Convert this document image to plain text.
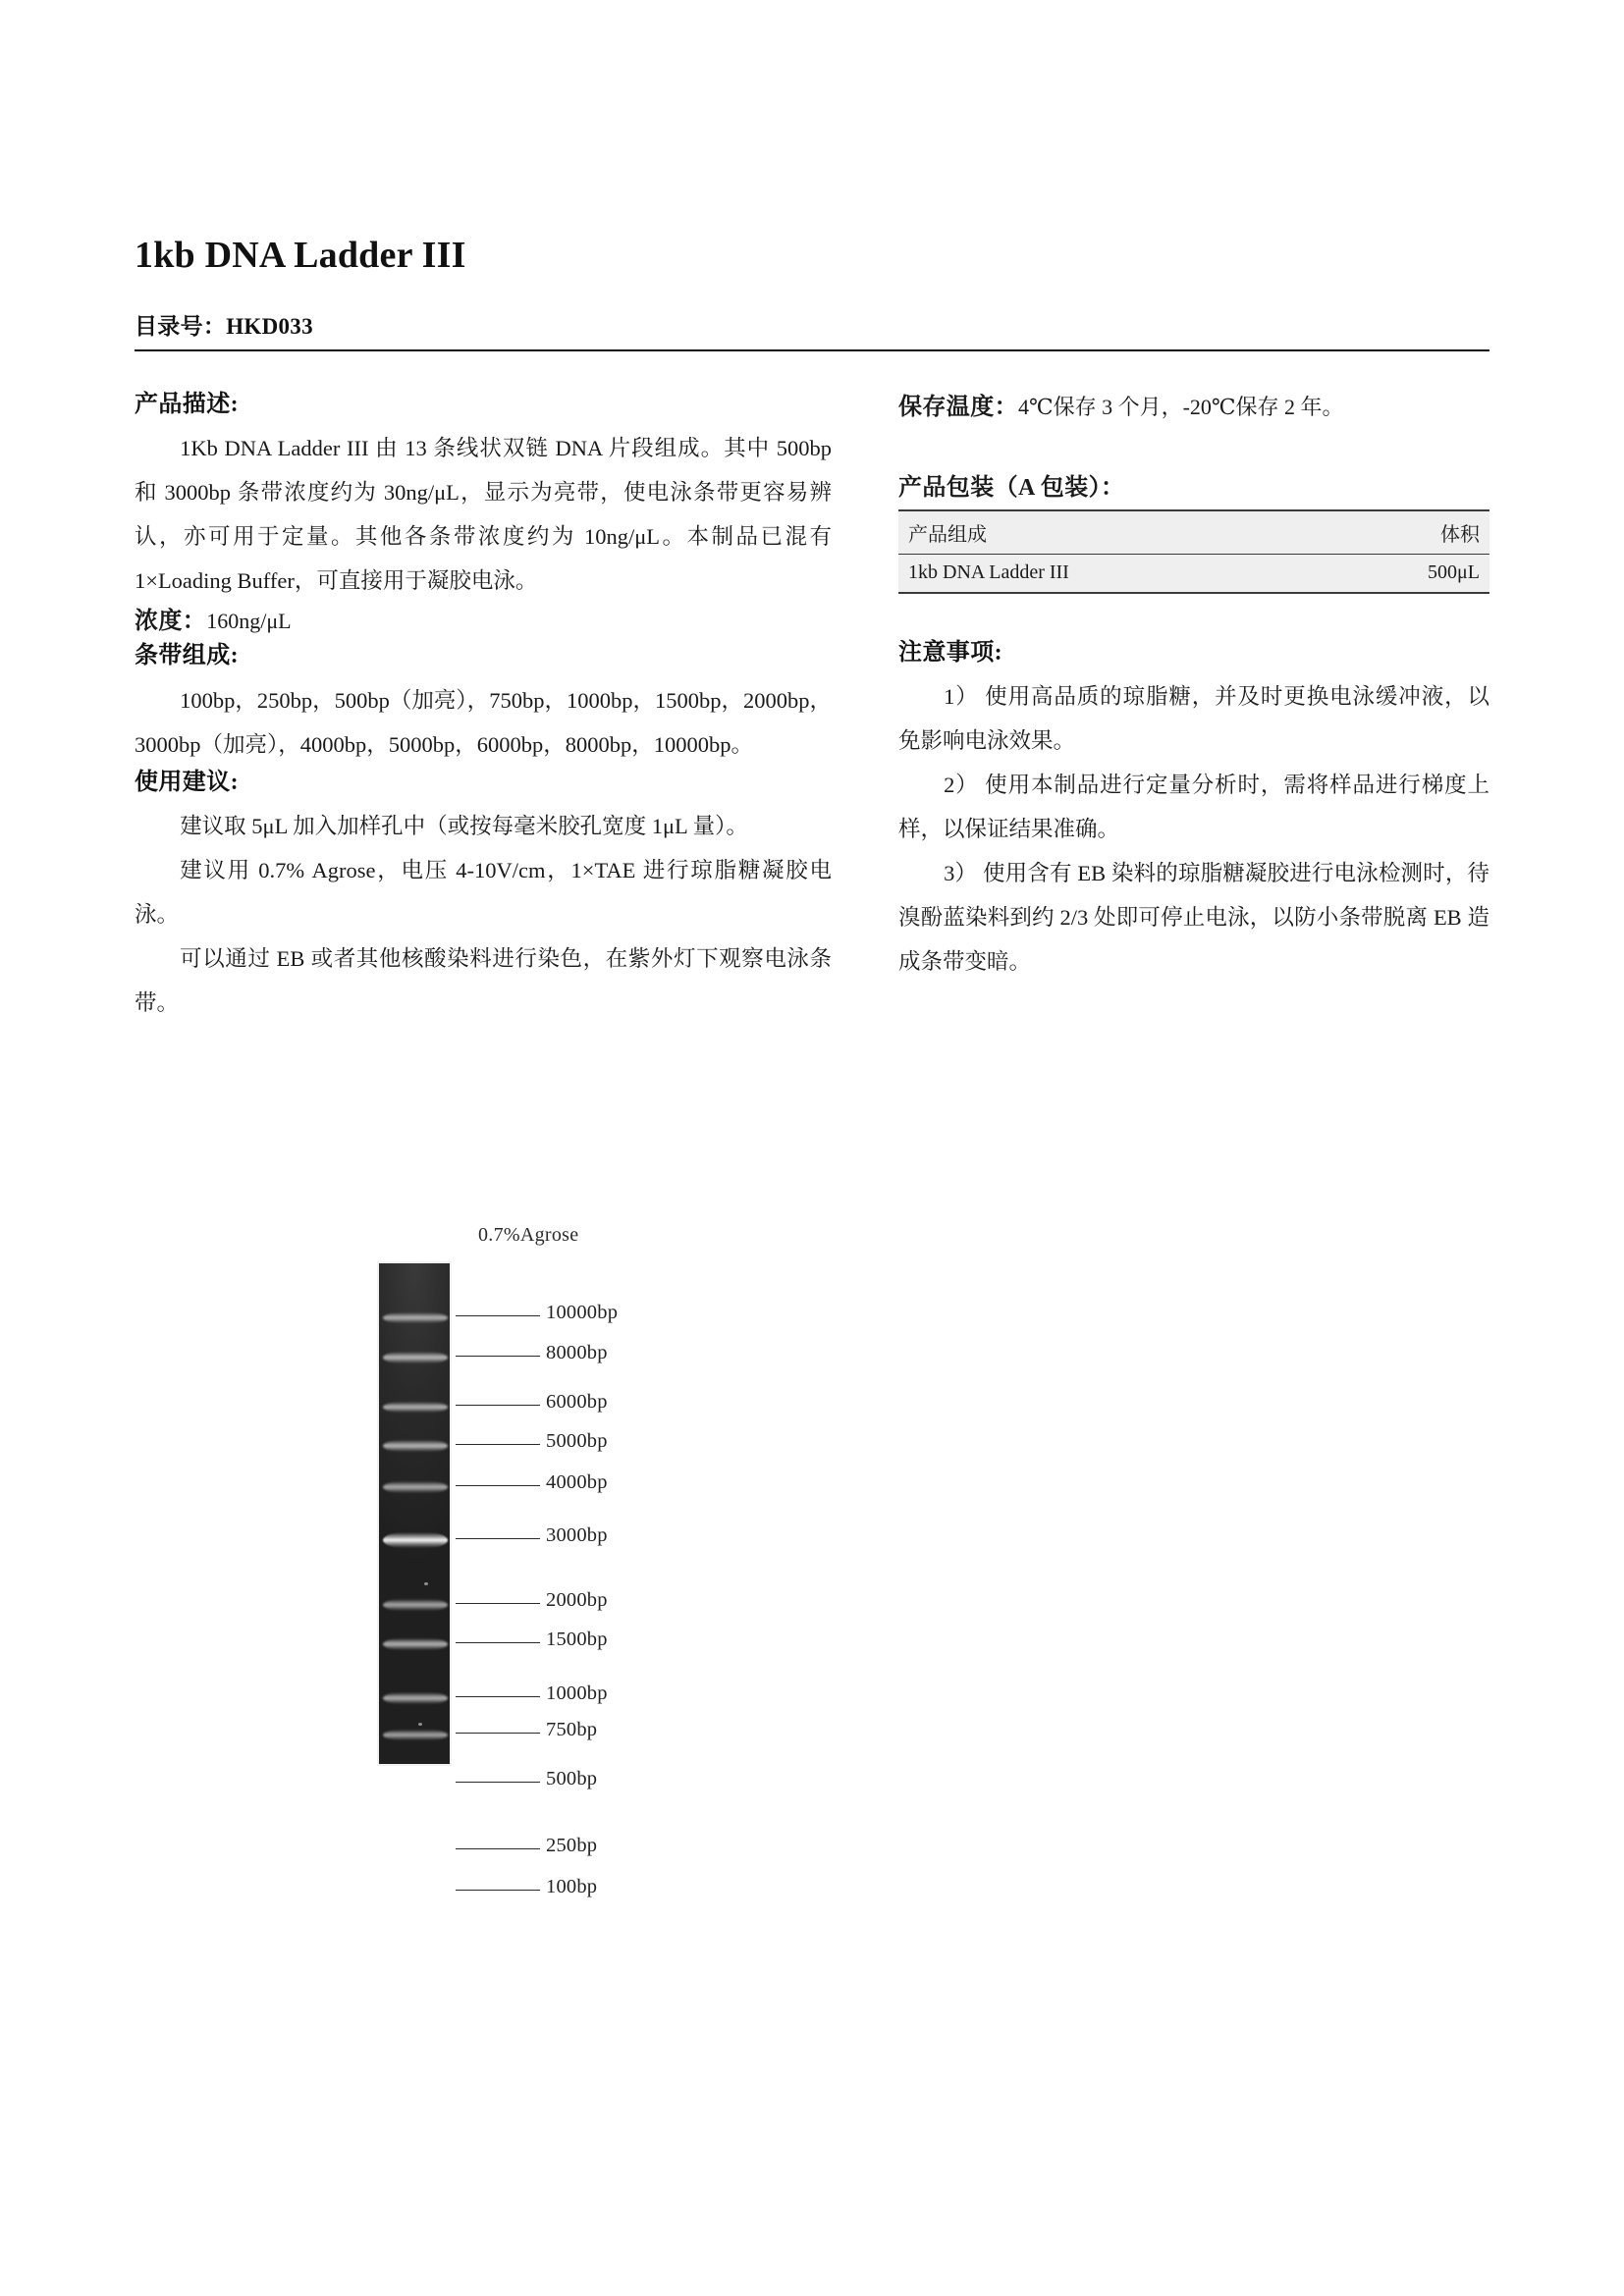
1kb DNA Ladder III
目录号：HKD033
产品描述:

1Kb DNA Ladder III 由 13 条线状双链 DNA 片段组成。其中 500bp 和 3000bp 条带浓度约为 30ng/μL，显示为亮带，使电泳条带更容易辨认，亦可用于定量。其他各条带浓度约为 10ng/μL。本制品已混有 1×Loading Buffer，可直接用于凝胶电泳。

浓度：160ng/μL
条带组成:

100bp，250bp，500bp（加亮），750bp，1000bp，1500bp，2000bp，3000bp（加亮），4000bp，5000bp，6000bp，8000bp，10000bp。

使用建议:

建议取 5μL 加入加样孔中（或按每毫米胶孔宽度 1μL 量）。

建议用 0.7% Agrose，电压 4-10V/cm，1×TAE 进行琼脂糖凝胶电泳。

可以通过 EB 或者其他核酸染料进行染色，在紫外灯下观察电泳条带。

保存温度：4℃保存 3 个月，-20℃保存 2 年。
产品包装（A 包装）：
产品组成	体积
1kb DNA Ladder III	500μL
注意事项:
1） 使用高品质的琼脂糖，并及时更换电泳缓冲液，以免影响电泳效果。
2） 使用本制品进行定量分析时，需将样品进行梯度上样，以保证结果准确。
3） 使用含有 EB 染料的琼脂糖凝胶进行电泳检测时，待溴酚蓝染料到约 2/3 处即可停止电泳，以防小条带脱离 EB 造成条带变暗。
0.7%Agrose
10000bp
8000bp
6000bp
5000bp
4000bp
3000bp
2000bp
1500bp
1000bp
750bp
500bp
250bp
100bp
